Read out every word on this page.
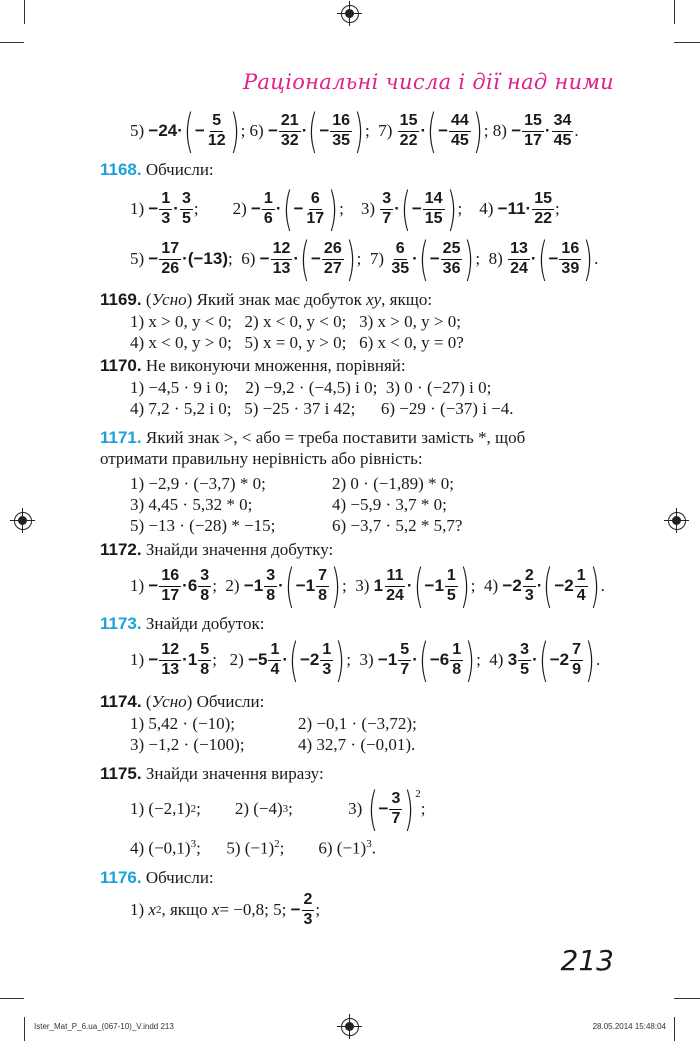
Раціональні числа і дії над ними
5)
−24· ( − $\frac{5}{12}$ ) ; 6)
− $\frac{21}{32}$ · ( − $\frac{16}{35}$ ) ; 7)
$\frac{15}{22}$ · ( − $\frac{44}{45}$ ) ; 8)
− $\frac{15}{17} \cdot \frac{34}{45}$ .
1168. Обчисли:
$1) - \frac{1}{3} \cdot \frac{3}{5}$ ;        $2) - \frac{1}{6}$ · ( − $\frac{6}{17}$ ) ;    $3) \frac{3}{7}$ · ( − $\frac{14}{15}$ ) ;    $4) -11\cdot \frac{15}{22}$ ;
$5) - \frac{17}{26} \cdot(-13)$ ;  $6) - \frac{12}{13}$ · ( − $\frac{26}{27}$ ) ;  $7) \frac{6}{35}$ · ( − $\frac{25}{36}$ ) ;  $8) \frac{13}{24}$ · ( − $\frac{16}{39}$ ) .
1169. (Усно) Який знак має добуток xy, якщо:
1) x > 0, y < 0;   2) x < 0, y < 0;   3) x > 0, y > 0;
4) x < 0, y > 0;   5) x = 0, y > 0;   6) x < 0, y = 0?
1170. Не виконуючи множення, порівняй:
1) −4,5 · 9 і 0;    2) −9,2 · (−4,5) і 0;  3) 0 · (−27) і 0;
4) 7,2 · 5,2 і 0;   5) −25 · 37 і 42;      6) −29 · (−37) і −4.
1171. Який знак >, < або = треба поставити замість *, щоб
отримати правильну нерівність або рівність:
1) −2,9 · (−3,7) * 0;	2) 0 · (−1,89) * 0;
3) 4,45 · 5,32 * 0;	4) −5,9 · 3,7 * 0;
5) −13 · (−28) * −15;	6) −3,7 · 5,2 * 5,7?
1172. Знайди значення добутку:
$1) - \frac{16}{17} \cdot 6 \frac{3}{8}$ ;  $2) -1 \frac{3}{8}$ · ( $-1 \frac{7}{8}$ ) ;  3) $1 \frac{11}{24}$ · ( $-1 \frac{1}{5}$ ) ;  $4) -2 \frac{2}{3}$ · ( $-2 \frac{1}{4}$ ) .
1173. Знайди добуток:
$1) - \frac{12}{13} \cdot 1 \frac{5}{8}$ ;   $2) -5 \frac{1}{4}$ · ( $-2 \frac{1}{3}$ ) ;  $3) -1 \frac{5}{7}$ · ( $-6 \frac{1}{8}$ ) ;  4) $3 \frac{3}{5}$ · ( $-2 \frac{7}{9}$ ) .
1174. (Усно) Обчисли:
1) 5,42 · (−10);	2) −0,1 · (−3,72);
3) −1,2 · (−100);	4) 32,7 · (−0,01).
1175. Знайди значення виразу:
1) (−2,1) 2 ; 2) (−4) 3 ; 3)
( − $\frac{3}{7} )^2$
;
4) $(-0,1)^3$;      5) $(-1)^2$;        6) $(-1)^3$.
1176. Обчисли:
1)
x 2 , якщо
x = −0,8; 5;
− $\frac{2}{3}$ ;
213
Ister_Mat_P_6.ua_(067-10)_V.indd 213	28.05.2014 15:48:04
